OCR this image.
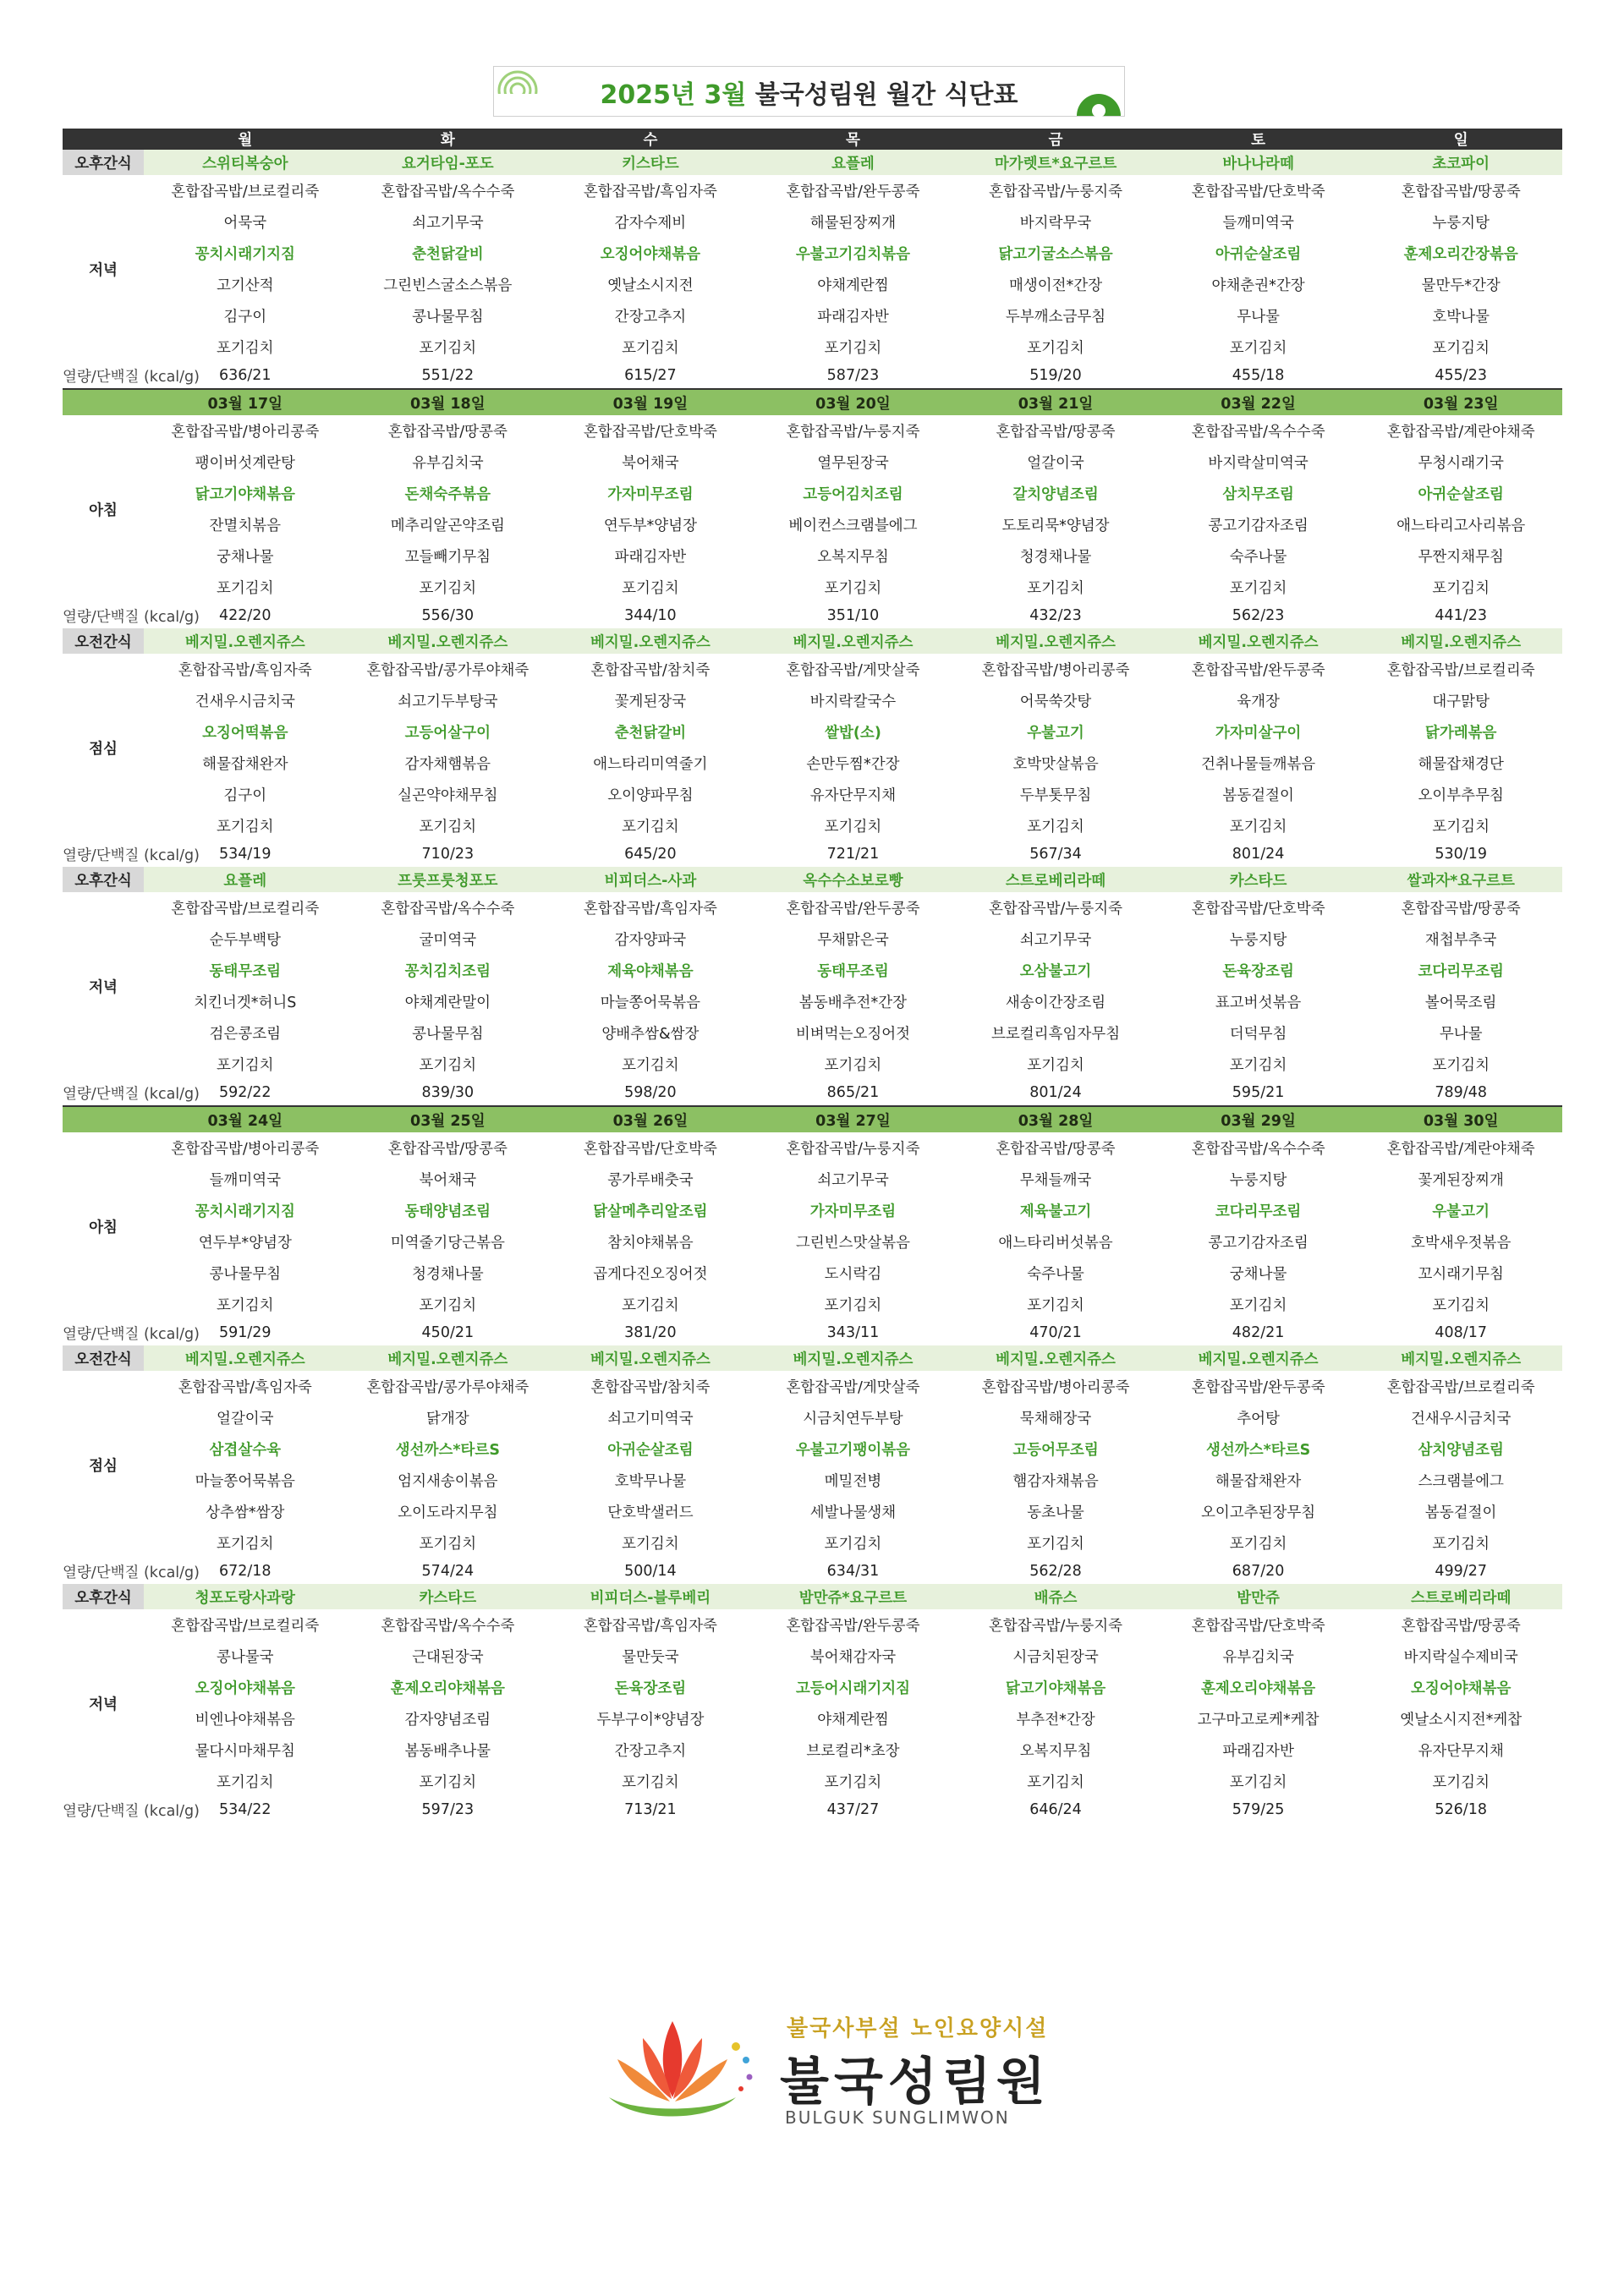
2025년 3월 불국성림원 월간 식단표
	월	화	수	목	금	토	일
오후간식	스위티복숭아	요거타임-포도	키스타드	요플레	마가렛트*요구르트	바나나라떼	초코파이
저녁	혼합잡곡밥/브로컬리죽	혼합잡곡밥/옥수수죽	혼합잡곡밥/흑임자죽	혼합잡곡밥/완두콩죽	혼합잡곡밥/누룽지죽	혼합잡곡밥/단호박죽	혼합잡곡밥/땅콩죽
	어묵국	쇠고기무국	감자수제비	해물된장찌개	바지락무국	들깨미역국	누룽지탕
	꽁치시래기지짐	춘천닭갈비	오징어야채볶음	우불고기김치볶음	닭고기굴소스볶음	아귀순살조림	훈제오리간장볶음
	고기산적	그린빈스굴소스볶음	옛날소시지전	야채계란찜	매생이전*간장	야채춘권*간장	물만두*간장
	김구이	콩나물무침	간장고추지	파래김자반	두부깨소금무침	무나물	호박나물
	포기김치	포기김치	포기김치	포기김치	포기김치	포기김치	포기김치
열량/단백질 (kcal/g)	636/21	551/22	615/27	587/23	519/20	455/18	455/23
	03월 17일	03월 18일	03월 19일	03월 20일	03월 21일	03월 22일	03월 23일
아침	혼합잡곡밥/병아리콩죽	혼합잡곡밥/땅콩죽	혼합잡곡밥/단호박죽	혼합잡곡밥/누룽지죽	혼합잡곡밥/땅콩죽	혼합잡곡밥/옥수수죽	혼합잡곡밥/계란야채죽
	팽이버섯계란탕	유부김치국	북어채국	열무된장국	얼갈이국	바지락살미역국	무청시래기국
	닭고기야채볶음	돈채숙주볶음	가자미무조림	고등어김치조림	갈치양념조림	삼치무조림	아귀순살조림
	잔멸치볶음	메추리알곤약조림	연두부*양념장	베이컨스크램블에그	도토리묵*양념장	콩고기감자조림	애느타리고사리볶음
	궁채나물	꼬들빼기무침	파래김자반	오복지무침	청경채나물	숙주나물	무짠지채무침
	포기김치	포기김치	포기김치	포기김치	포기김치	포기김치	포기김치
열량/단백질 (kcal/g)	422/20	556/30	344/10	351/10	432/23	562/23	441/23
오전간식	베지밀.오렌지쥬스	베지밀.오렌지쥬스	베지밀.오렌지쥬스	베지밀.오렌지쥬스	베지밀.오렌지쥬스	베지밀.오렌지쥬스	베지밀.오렌지쥬스
점심	혼합잡곡밥/흑임자죽	혼합잡곡밥/콩가루야채죽	혼합잡곡밥/참치죽	혼합잡곡밥/게맛살죽	혼합잡곡밥/병아리콩죽	혼합잡곡밥/완두콩죽	혼합잡곡밥/브로컬리죽
	건새우시금치국	쇠고기두부탕국	꽃게된장국	바지락칼국수	어묵쑥갓탕	육개장	대구맑탕
	오징어떡볶음	고등어살구이	춘천닭갈비	쌀밥(소)	우불고기	가자미살구이	닭가레볶음
	해물잡채완자	감자채햄볶음	애느타리미역줄기	손만두찜*간장	호박맛살볶음	건취나물들깨볶음	해물잡채경단
	김구이	실곤약야채무침	오이양파무침	유자단무지채	두부톳무침	봄동겉절이	오이부추무침
	포기김치	포기김치	포기김치	포기김치	포기김치	포기김치	포기김치
열량/단백질 (kcal/g)	534/19	710/23	645/20	721/21	567/34	801/24	530/19
오후간식	요플레	프룻프룻청포도	비피더스-사과	옥수수소보로빵	스트로베리라떼	카스타드	쌀과자*요구르트
저녁	혼합잡곡밥/브로컬리죽	혼합잡곡밥/옥수수죽	혼합잡곡밥/흑임자죽	혼합잡곡밥/완두콩죽	혼합잡곡밥/누룽지죽	혼합잡곡밥/단호박죽	혼합잡곡밥/땅콩죽
	순두부백탕	굴미역국	감자양파국	무채맑은국	쇠고기무국	누룽지탕	재첩부추국
	동태무조림	꽁치김치조림	제육야채볶음	동태무조림	오삼불고기	돈육장조림	코다리무조림
	치킨너겟*허니S	야채계란말이	마늘쫑어묵볶음	봄동배추전*간장	새송이간장조림	표고버섯볶음	볼어묵조림
	검은콩조림	콩나물무침	양배추쌈&쌈장	비벼먹는오징어젓	브로컬리흑임자무침	더덕무침	무나물
	포기김치	포기김치	포기김치	포기김치	포기김치	포기김치	포기김치
열량/단백질 (kcal/g)	592/22	839/30	598/20	865/21	801/24	595/21	789/48
	03월 24일	03월 25일	03월 26일	03월 27일	03월 28일	03월 29일	03월 30일
아침	혼합잡곡밥/병아리콩죽	혼합잡곡밥/땅콩죽	혼합잡곡밥/단호박죽	혼합잡곡밥/누룽지죽	혼합잡곡밥/땅콩죽	혼합잡곡밥/옥수수죽	혼합잡곡밥/계란야채죽
	들깨미역국	북어채국	콩가루배춧국	쇠고기무국	무채들깨국	누룽지탕	꽃게된장찌개
	꽁치시래기지짐	동태양념조림	닭살메추리알조림	가자미무조림	제육불고기	코다리무조림	우불고기
	연두부*양념장	미역줄기당근볶음	참치야채볶음	그린빈스맛살볶음	애느타리버섯볶음	콩고기감자조림	호박새우젓볶음
	콩나물무침	청경채나물	곱게다진오징어젓	도시락김	숙주나물	궁채나물	꼬시래기무침
	포기김치	포기김치	포기김치	포기김치	포기김치	포기김치	포기김치
열량/단백질 (kcal/g)	591/29	450/21	381/20	343/11	470/21	482/21	408/17
오전간식	베지밀.오렌지쥬스	베지밀.오렌지쥬스	베지밀.오렌지쥬스	베지밀.오렌지쥬스	베지밀.오렌지쥬스	베지밀.오렌지쥬스	베지밀.오렌지쥬스
점심	혼합잡곡밥/흑임자죽	혼합잡곡밥/콩가루야채죽	혼합잡곡밥/참치죽	혼합잡곡밥/게맛살죽	혼합잡곡밥/병아리콩죽	혼합잡곡밥/완두콩죽	혼합잡곡밥/브로컬리죽
	얼갈이국	닭개장	쇠고기미역국	시금치연두부탕	묵채해장국	추어탕	건새우시금치국
	삼겹살수육	생선까스*타르S	아귀순살조림	우불고기팽이볶음	고등어무조림	생선까스*타르S	삼치양념조림
	마늘쫑어묵볶음	엄지새송이볶음	호박무나물	메밀전병	햄감자채볶음	해물잡채완자	스크램블에그
	상추쌈*쌈장	오이도라지무침	단호박샐러드	세발나물생채	동초나물	오이고추된장무침	봄동겉절이
	포기김치	포기김치	포기김치	포기김치	포기김치	포기김치	포기김치
열량/단백질 (kcal/g)	672/18	574/24	500/14	634/31	562/28	687/20	499/27
오후간식	청포도랑사과랑	카스타드	비피더스-블루베리	밤만쥬*요구르트	배쥬스	밤만쥬	스트로베리라떼
저녁	혼합잡곡밥/브로컬리죽	혼합잡곡밥/옥수수죽	혼합잡곡밥/흑임자죽	혼합잡곡밥/완두콩죽	혼합잡곡밥/누룽지죽	혼합잡곡밥/단호박죽	혼합잡곡밥/땅콩죽
	콩나물국	근대된장국	물만둣국	북어채감자국	시금치된장국	유부김치국	바지락실수제비국
	오징어야채볶음	훈제오리야채볶음	돈육장조림	고등어시래기지짐	닭고기야채볶음	훈제오리야채볶음	오징어야채볶음
	비엔나야채볶음	감자양념조림	두부구이*양념장	야채계란찜	부추전*간장	고구마고로케*케찹	옛날소시지전*케찹
	물다시마채무침	봄동배추나물	간장고추지	브로컬리*초장	오복지무침	파래김자반	유자단무지채
	포기김치	포기김치	포기김치	포기김치	포기김치	포기김치	포기김치
열량/단백질 (kcal/g)	534/22	597/23	713/21	437/27	646/24	579/25	526/18
불국사부설 노인요양시설
불국성림원
BULGUK SUNGLIMWON
